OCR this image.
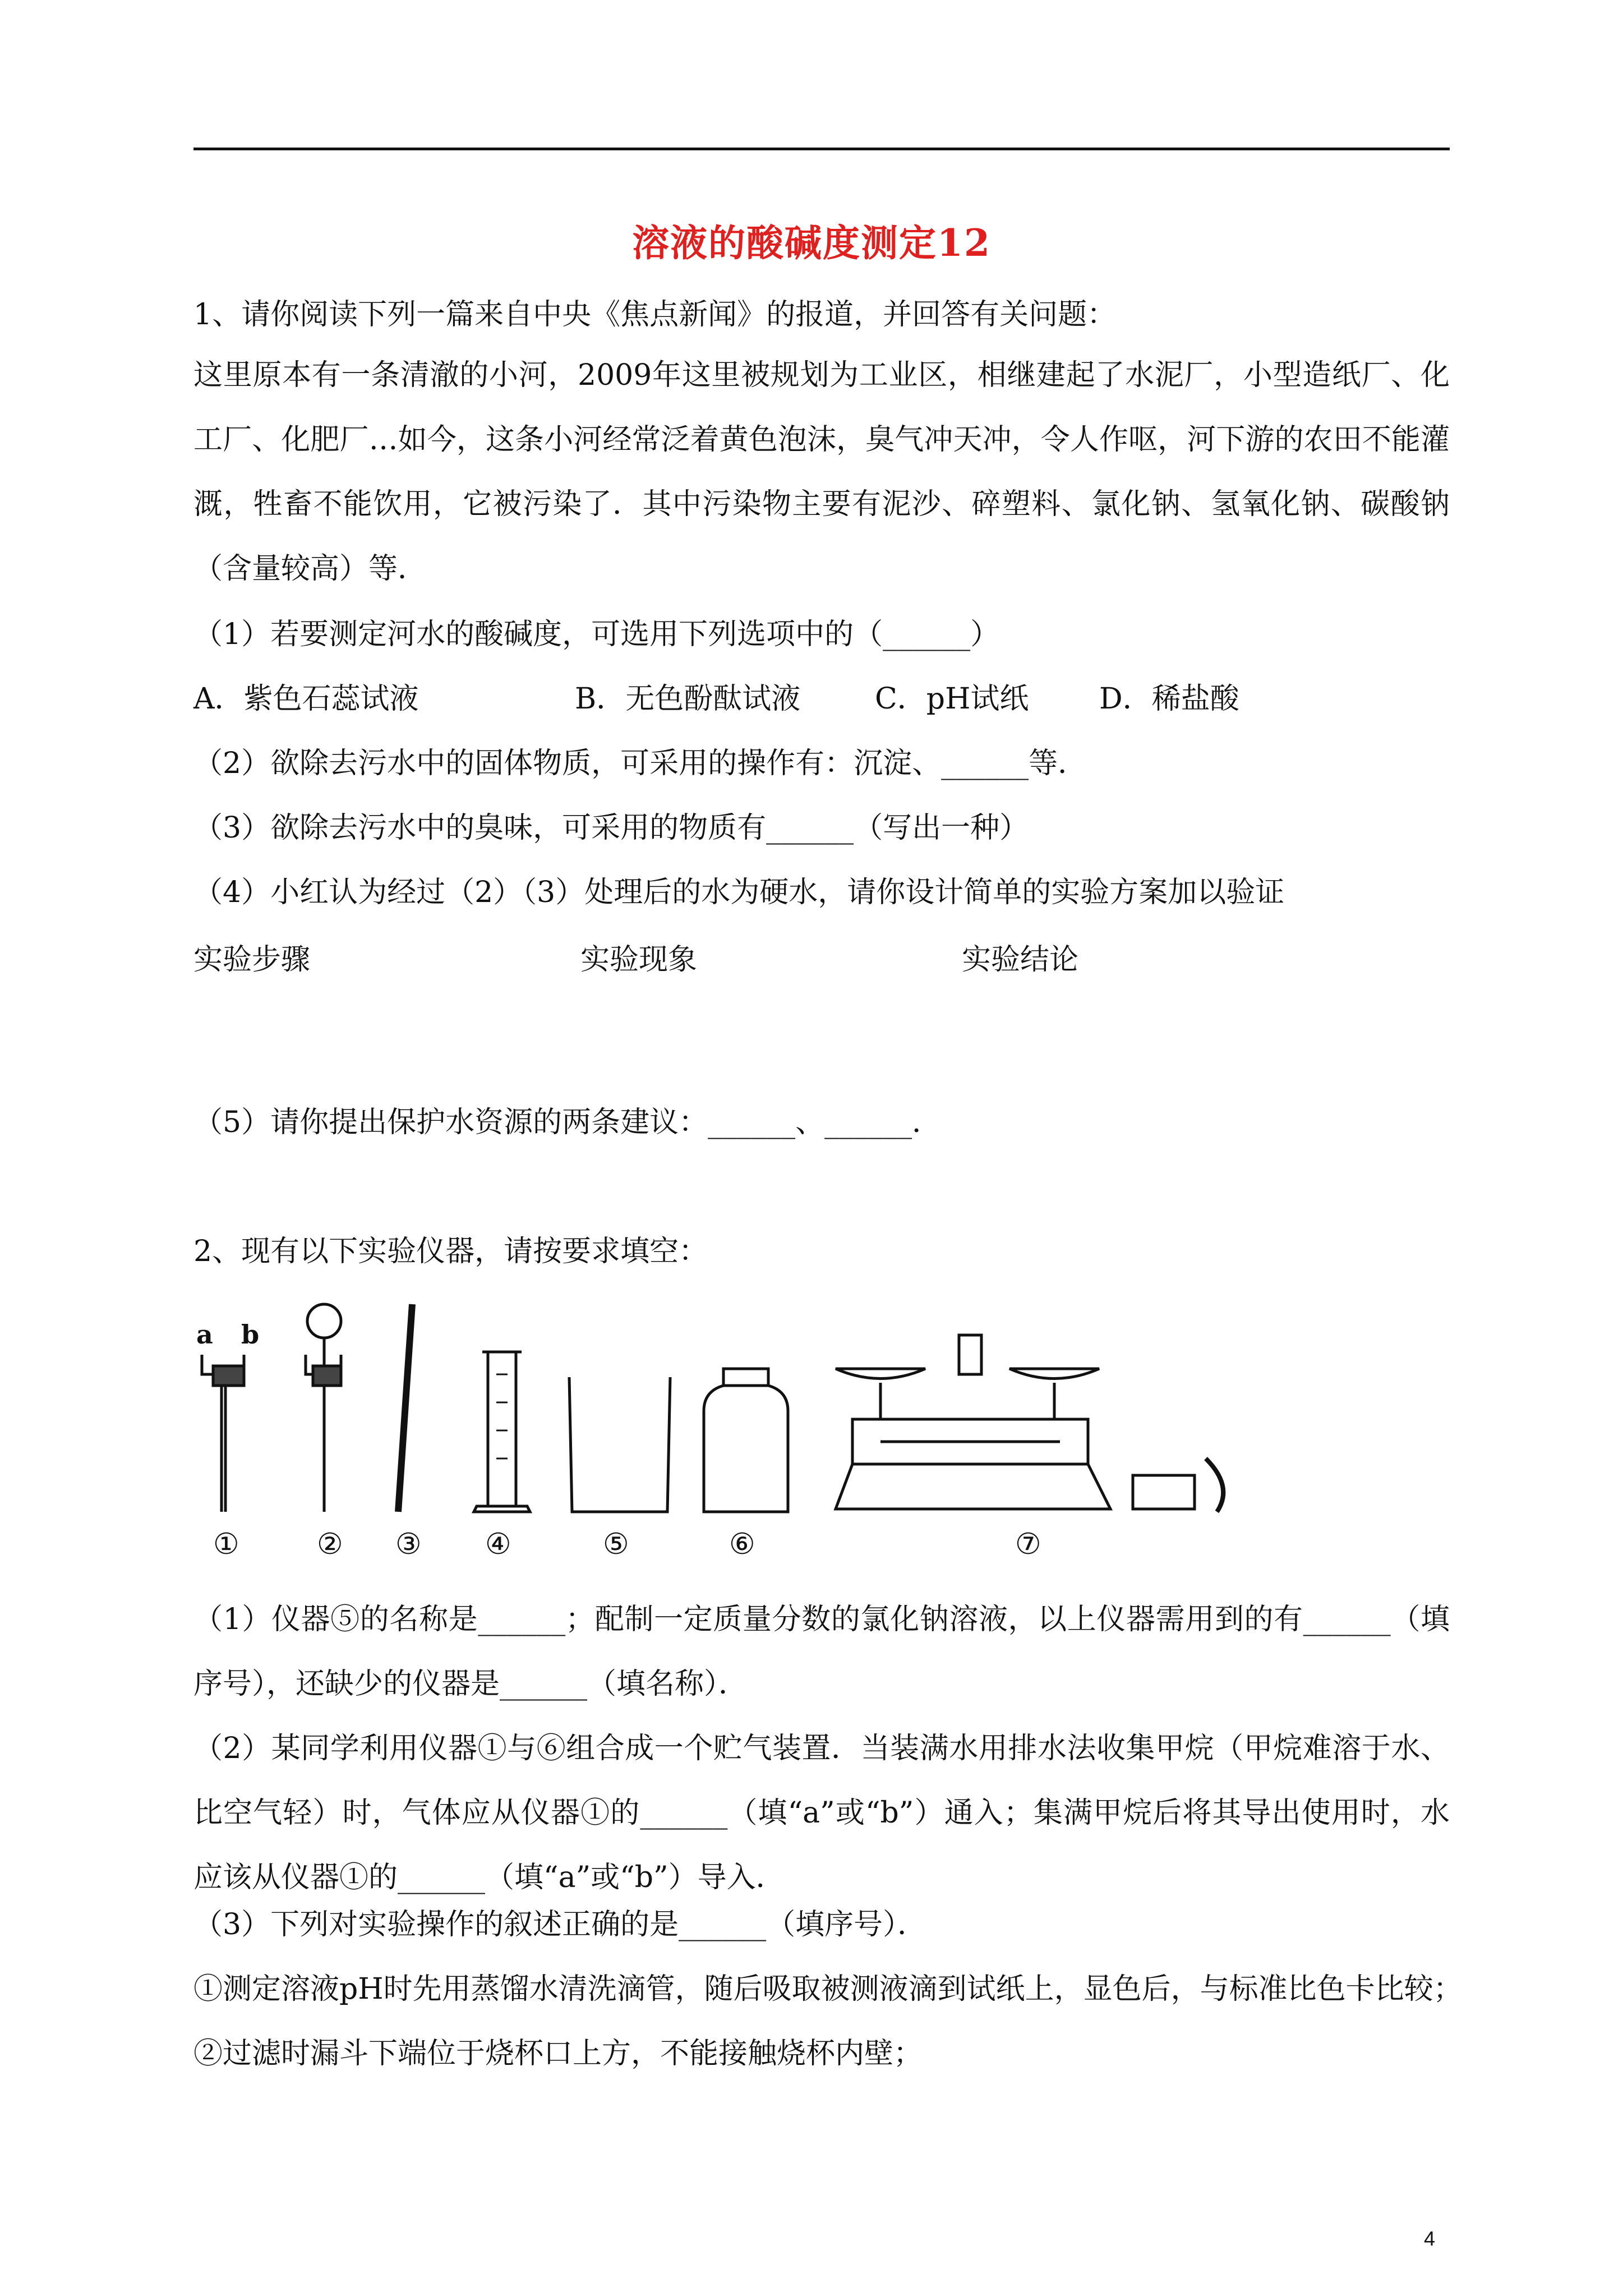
溶液的酸碱度测定12
1、请你阅读下列一篇来自中央《焦点新闻》的报道，并回答有关问题：
这里原本有一条清澈的小河，2009年这里被规划为工业区，相继建起了水泥厂，小型造纸厂、化工厂、化肥厂…如今，这条小河经常泛着黄色泡沫，臭气冲天冲，令人作呕，河下游的农田不能灌溉，牲畜不能饮用，它被污染了．其中污染物主要有泥沙、碎塑料、氯化钠、氢氧化钠、碳酸钠（含量较高）等．
（1）若要测定河水的酸碱度，可选用下列选项中的（______）
A．紫色石蕊试液	B．无色酚酞试液	C．pH试纸 D．稀盐酸
（2）欲除去污水中的固体物质，可采用的操作有：沉淀、______等．
（3）欲除去污水中的臭味，可采用的物质有______（写出一种）
（4）小红认为经过（2）（3）处理后的水为硬水，请你设计简单的实验方案加以验证
实验步骤	实验现象	实验结论
（5）请你提出保护水资源的两条建议：______、______．
2、现有以下实验仪器，请按要求填空：
a b
①	② ③ ④	⑤	⑥	⑦
（1）仪器⑤的名称是______；配制一定质量分数的氯化钠溶液，以上仪器需用到的有______（填序号），还缺少的仪器是______（填名称）．
（2）某同学利用仪器①与⑥组合成一个贮气装置．当装满水用排水法收集甲烷（甲烷难溶于水、比空气轻）时，气体应从仪器①的______（填“a”或“b”）通入；集满甲烷后将其导出使用时，水应该从仪器①的______（填“a”或“b”）导入．
（3）下列对实验操作的叙述正确的是______（填序号）．
①测定溶液pH时先用蒸馏水清洗滴管，随后吸取被测液滴到试纸上，显色后，与标准比色卡比较；
②过滤时漏斗下端位于烧杯口上方，不能接触烧杯内壁；
4
